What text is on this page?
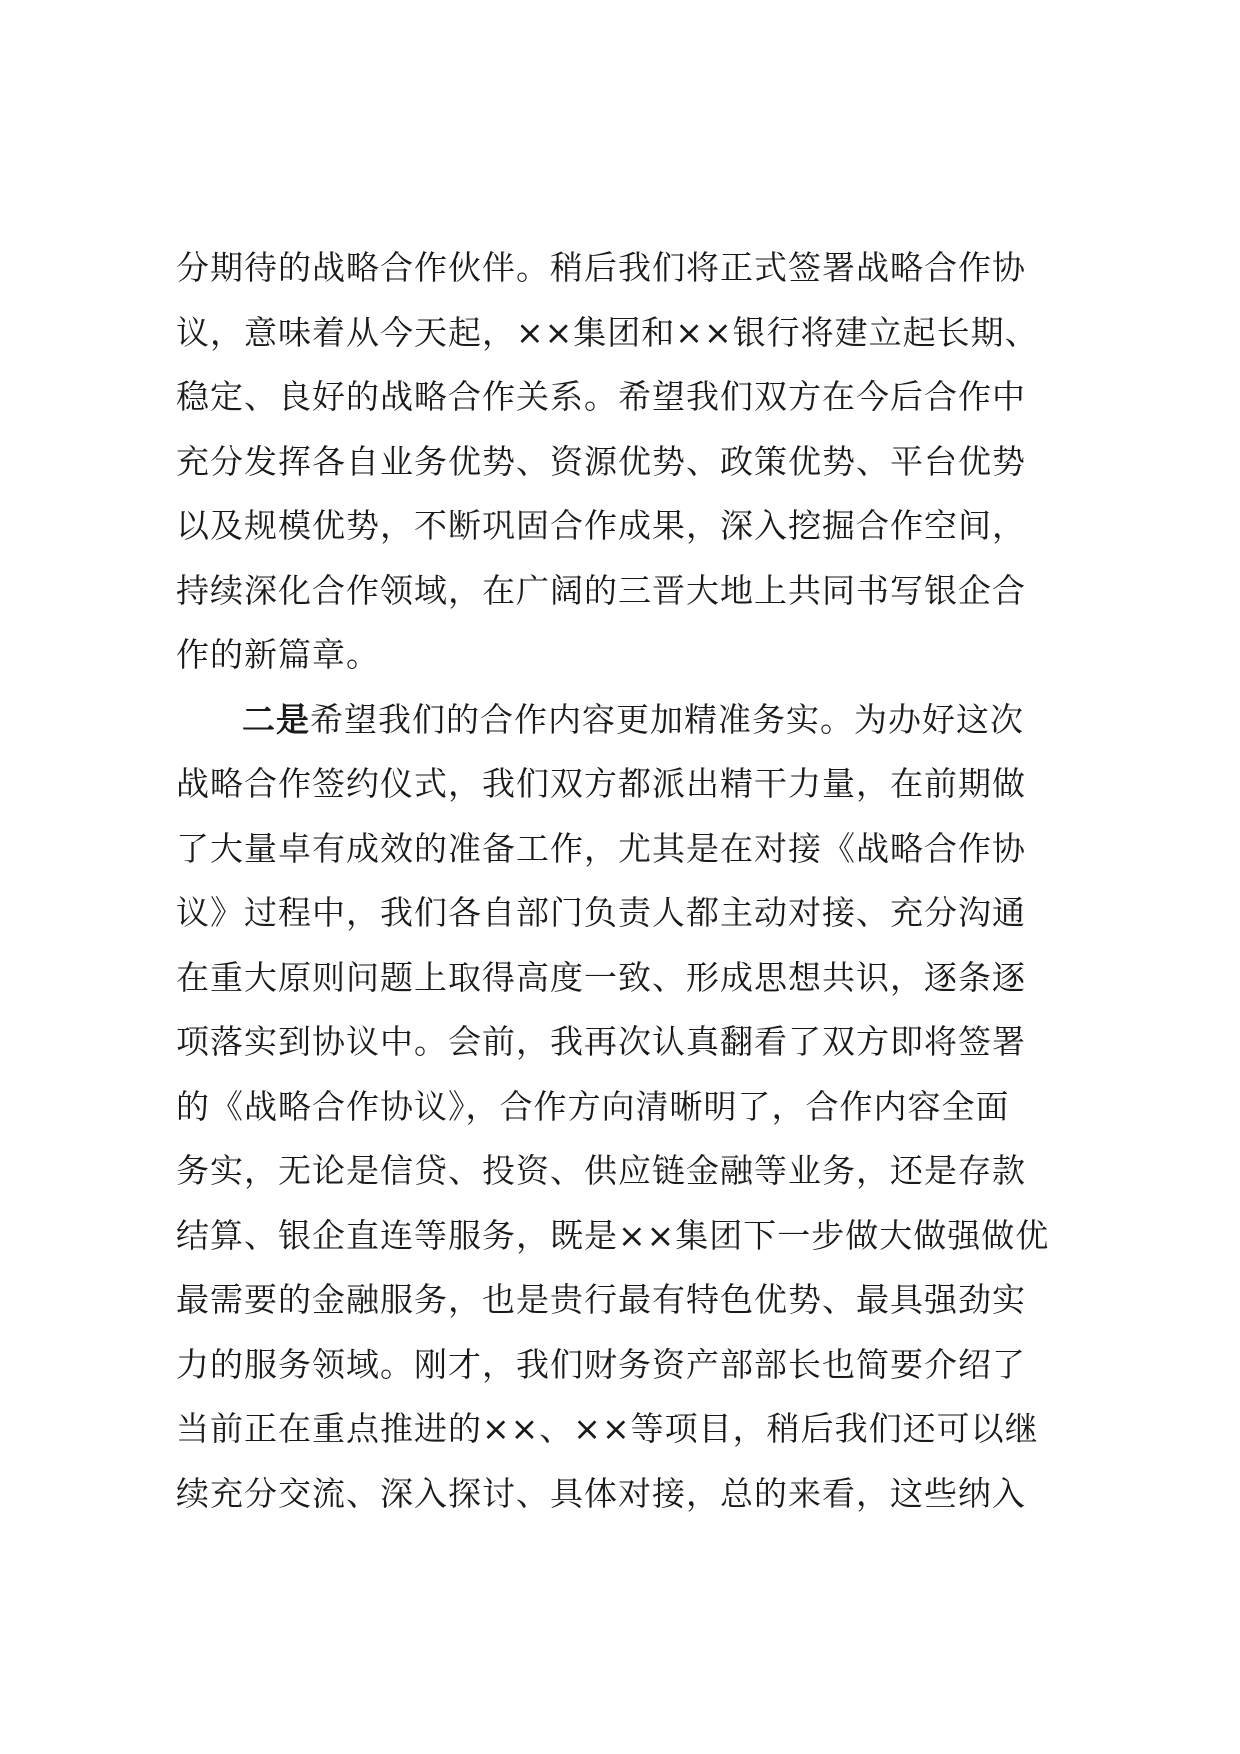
分期待的战略合作伙伴。稍后我们将正式签署战略合作协
议，意味着从今天起，××集团和××银行将建立起长期、
稳定、良好的战略合作关系。希望我们双方在今后合作中
充分发挥各自业务优势、资源优势、政策优势、平台优势
以及规模优势，不断巩固合作成果，深入挖掘合作空间，
持续深化合作领域，在广阔的三晋大地上共同书写银企合
作的新篇章。
二是希望我们的合作内容更加精准务实。为办好这次
战略合作签约仪式，我们双方都派出精干力量，在前期做
了大量卓有成效的准备工作，尤其是在对接《战略合作协
议》过程中，我们各自部门负责人都主动对接、充分沟通
在重大原则问题上取得高度一致、形成思想共识，逐条逐
项落实到协议中。会前，我再次认真翻看了双方即将签署
的《战略合作协议》，合作方向清晰明了，合作内容全面
务实，无论是信贷、投资、供应链金融等业务，还是存款
结算、银企直连等服务，既是××集团下一步做大做强做优
最需要的金融服务，也是贵行最有特色优势、最具强劲实
力的服务领域。刚才，我们财务资产部部长也简要介绍了
当前正在重点推进的××、××等项目，稍后我们还可以继
续充分交流、深入探讨、具体对接，总的来看，这些纳入
